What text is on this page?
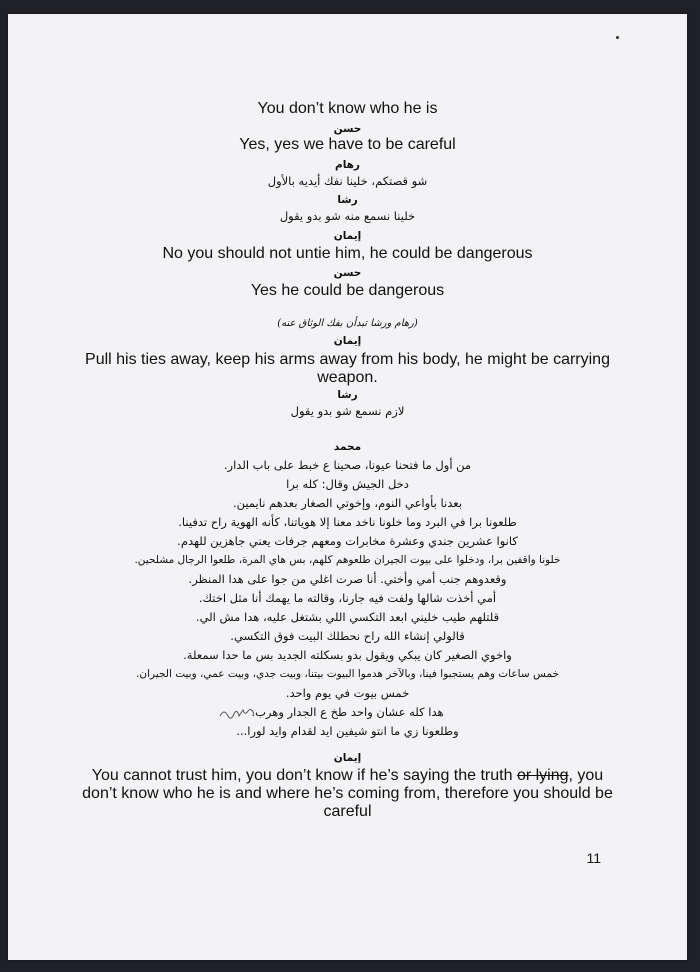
You don’t know who he is
حسن
Yes, yes we have to be careful
رهام
شو قصتكم، خلينا نفك أيديه بالأول
رشا
خلينا نسمع منه شو بدو يقول
إيمان
No you should not untie him, he could be dangerous
حسن
Yes he could be dangerous
(رهام ورشا تبدأن بفك الوثاق عنه)
إيمان
Pull his ties away, keep his arms away from his body, he might be carrying
weapon.
رشا
لازم نسمع شو بدو يقول
محمد
من أول ما فتحنا عيونا، صحينا ع خبط على باب الدار.
دخل الجيش وقال: كله برا
بعدنا بأواعي النوم، وإخوتي الصغار بعدهم نايمين.
طلعونا برا في البرد وما خلونا ناخد معنا إلا هوياتنا، كأنه الهوية راح تدفينا.
كانوا عشرين جندي وعشرة مخابرات ومعهم جرفات يعني جاهزين للهدم.
خلونا واقفين برا، ودخلوا على بيوت الجيران طلعوهم كلهم، بس هاي المرة، طلعوا الرجال مشلحين.
وقعدوهم جنب أمي وأختي. أنا صرت اغلي من جوا على هدا المنظر.
أمي أخذت شالها ولفت فيه جارنا، وقالته ما يهمك أنا مثل اختك.
قلتلهم طيب خليني ابعد التكسي اللي بشتغل عليه، هدا مش الي.
قالولي إنشاء الله راح نحطلك البيت فوق التكسي.
واخوي الصغير كان يبكي ويقول بدو بسكلته الجديد بس ما حدا سمعلة.
خمس ساعات وهم يستجبوا فينا، وبالآخر هدموا البيوت بيتنا، وبيت جدي، وبيت عمي، وبيت الجيران.
خمس بيوت في يوم واحد.
هدا كله عشان واحد طخ ع الجدار وهرب.
وطلعونا زي ما انتو شيفين ايد لقدام وايد لورا...
إيمان
You cannot trust him, you don’t know if he’s saying the truth or lying, you
don’t know who he is and where he’s coming from, therefore you should be
careful
11
